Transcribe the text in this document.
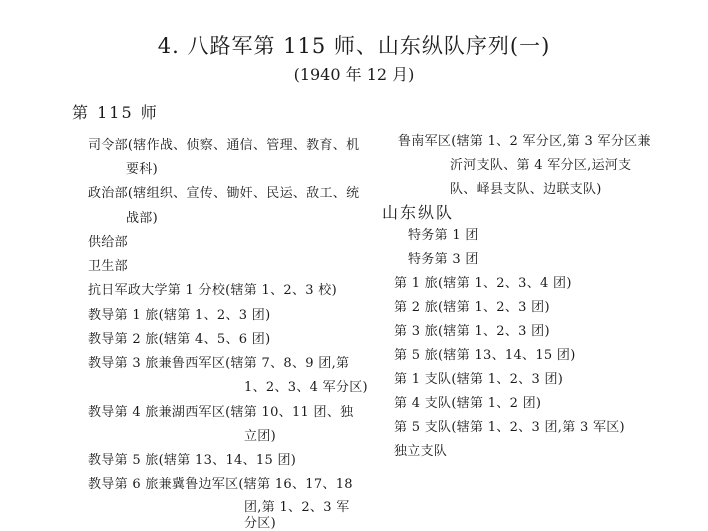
4. 八路军第 115 师、山东纵队序列(一)
(1940 年 12 月)
第 115 师
司令部(辖作战、侦察、通信、管理、教育、机
要科)
政治部(辖组织、宣传、锄奸、民运、敌工、统
战部)
供给部
卫生部
抗日军政大学第 1 分校(辖第 1、2、3 校)
教导第 1 旅(辖第 1、2、3 团)
教导第 2 旅(辖第 4、5、6 团)
教导第 3 旅兼鲁西军区(辖第 7、8、9 团,第
1、2、3、4 军分区)
教导第 4 旅兼湖西军区(辖第 10、11 团、独
立团)
教导第 5 旅(辖第 13、14、15 团)
教导第 6 旅兼冀鲁边军区(辖第 16、17、18
团,第 1、2、3 军
分区)
鲁南军区(辖第 1、2 军分区,第 3 军分区兼
沂河支队、第 4 军分区,运河支
队、峄县支队、边联支队)
山东纵队
特务第 1 团
特务第 3 团
第 1 旅(辖第 1、2、3、4 团)
第 2 旅(辖第 1、2、3 团)
第 3 旅(辖第 1、2、3 团)
第 5 旅(辖第 13、14、15 团)
第 1 支队(辖第 1、2、3 团)
第 4 支队(辖第 1、2 团)
第 5 支队(辖第 1、2、3 团,第 3 军区)
独立支队
